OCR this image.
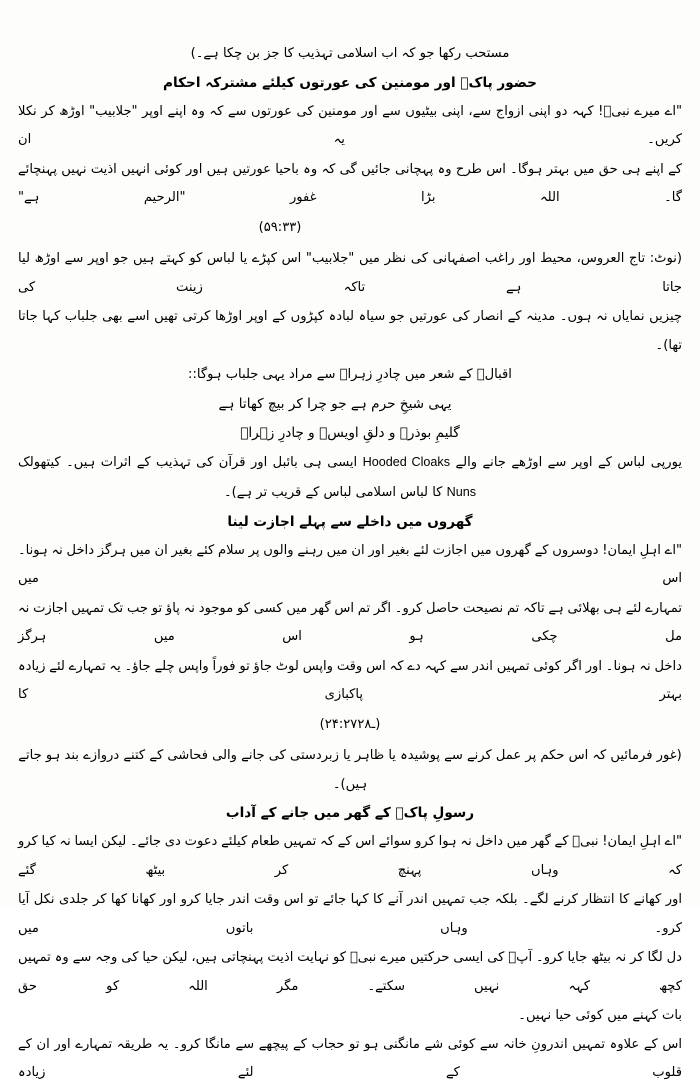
مستحب رکھا جو کہ اب اسلامی تہذیب کا جز بن چکا ہے۔)

حضور پاکؐ اور مومنین کی عورتوں کیلئے مشترکہ احکام

"اے میرے نبیؐ! کہہ دو اپنی ازواج سے، اپنی بیٹیوں سے اور مومنین کی عورتوں سے کہ وہ اپنے اوپر "جلابیب" اوڑھ کر نکلا کریں۔ یہ ان

کے اپنے ہی حق میں بہتر ہوگا۔ اس طرح وہ پہچانی جائیں گی کہ وہ باحیا عورتیں ہیں اور کوئی انہیں اذیت نہیں پہنچائے گا۔ اللہ بڑا غفور "الرحیم ہے"

(۵۹:۳۳)

(نوٹ: تاج العروس، محیط اور راغب اصفہانی کی نظر میں "جلابیب" اس کپڑے یا لباس کو کہتے ہیں جو اوپر سے اوڑھ لیا جاتا ہے تاکہ زینت کی

چیزیں نمایاں نہ ہوں۔ مدینہ کے انصار کی عورتیں جو سیاہ لبادہ کپڑوں کے اوپر اوڑھا کرتی تھیں اسے بھی جلباب کہا جاتا تھا)۔

اقبالؔ کے شعر میں چادرِ زہراؑ سے مراد یہی جلباب ہوگا::

یہی شیخِ حرم ہے جو چرا کر بیچ کھاتا ہے

گلیمِ بوذرؓ و دلقِ اویسؓ و چادرِ زہراؑ

یورپی لباس کے اوپر سے اوڑھے جانے والے Hooded Cloaks ایسی ہی بائبل اور قرآن کی تہذیب کے اثرات ہیں۔ کیتھولک

Nuns کا لباس اسلامی لباس کے قریب تر ہے)۔

گھروں میں داخلے سے پہلے اجازت لینا

"اے اہلِ ایمان! دوسروں کے گھروں میں اجازت لئے بغیر اور ان میں رہنے والوں پر سلام کئے بغیر ان میں ہرگز داخل نہ ہونا۔ اس میں

تمہارے لئے ہی بھلائی ہے تاکہ تم نصیحت حاصل کرو۔ اگر تم اس گھر میں کسی کو موجود نہ پاؤ تو جب تک تمہیں اجازت نہ مل چکی ہو اس میں ہرگز

داخل نہ ہونا۔ اور اگر کوئی تمہیں اندر سے کہہ دے کہ اس وقت واپس لوٹ جاؤ تو فوراً واپس چلے جاؤ۔ یہ تمہارے لئے زیادہ بہتر پاکبازی کا

(۲۴:۲۷ـ۲۸)

(غور فرمائیں کہ اس حکم پر عمل کرنے سے پوشیدہ یا ظاہر یا زبردستی کی جانے والی فحاشی کے کتنے دروازے بند ہو جاتے ہیں)۔

رسولِ پاکؐ کے گھر میں جانے کے آداب

"اے اہلِ ایمان! نبیؐ کے گھر میں داخل نہ ہوا کرو سوائے اس کے کہ تمہیں طعام کیلئے دعوت دی جائے۔ لیکن ایسا نہ کیا کرو کہ وہاں پہنچ کر بیٹھ گئے

اور کھانے کا انتظار کرنے لگے۔ بلکہ جب تمہیں اندر آنے کا کہا جائے تو اس وقت اندر جایا کرو اور کھانا کھا کر جلدی نکل آیا کرو۔ وہاں باتوں میں

دل لگا کر نہ بیٹھ جایا کرو۔ آپؐ کی ایسی حرکتیں میرے نبیؐ کو نہایت اذیت پہنچاتی ہیں، لیکن حیا کی وجہ سے وہ تمہیں کچھ کہہ نہیں سکتے۔ مگر اللہ کو حق

بات کہنے میں کوئی حیا نہیں۔

اس کے علاوہ تمہیں اندرونِ خانہ سے کوئی شے مانگنی ہو تو حجاب کے پیچھے سے مانگا کرو۔ یہ طریقہ تمہارے اور ان کے قلوب کے لئے زیادہ
